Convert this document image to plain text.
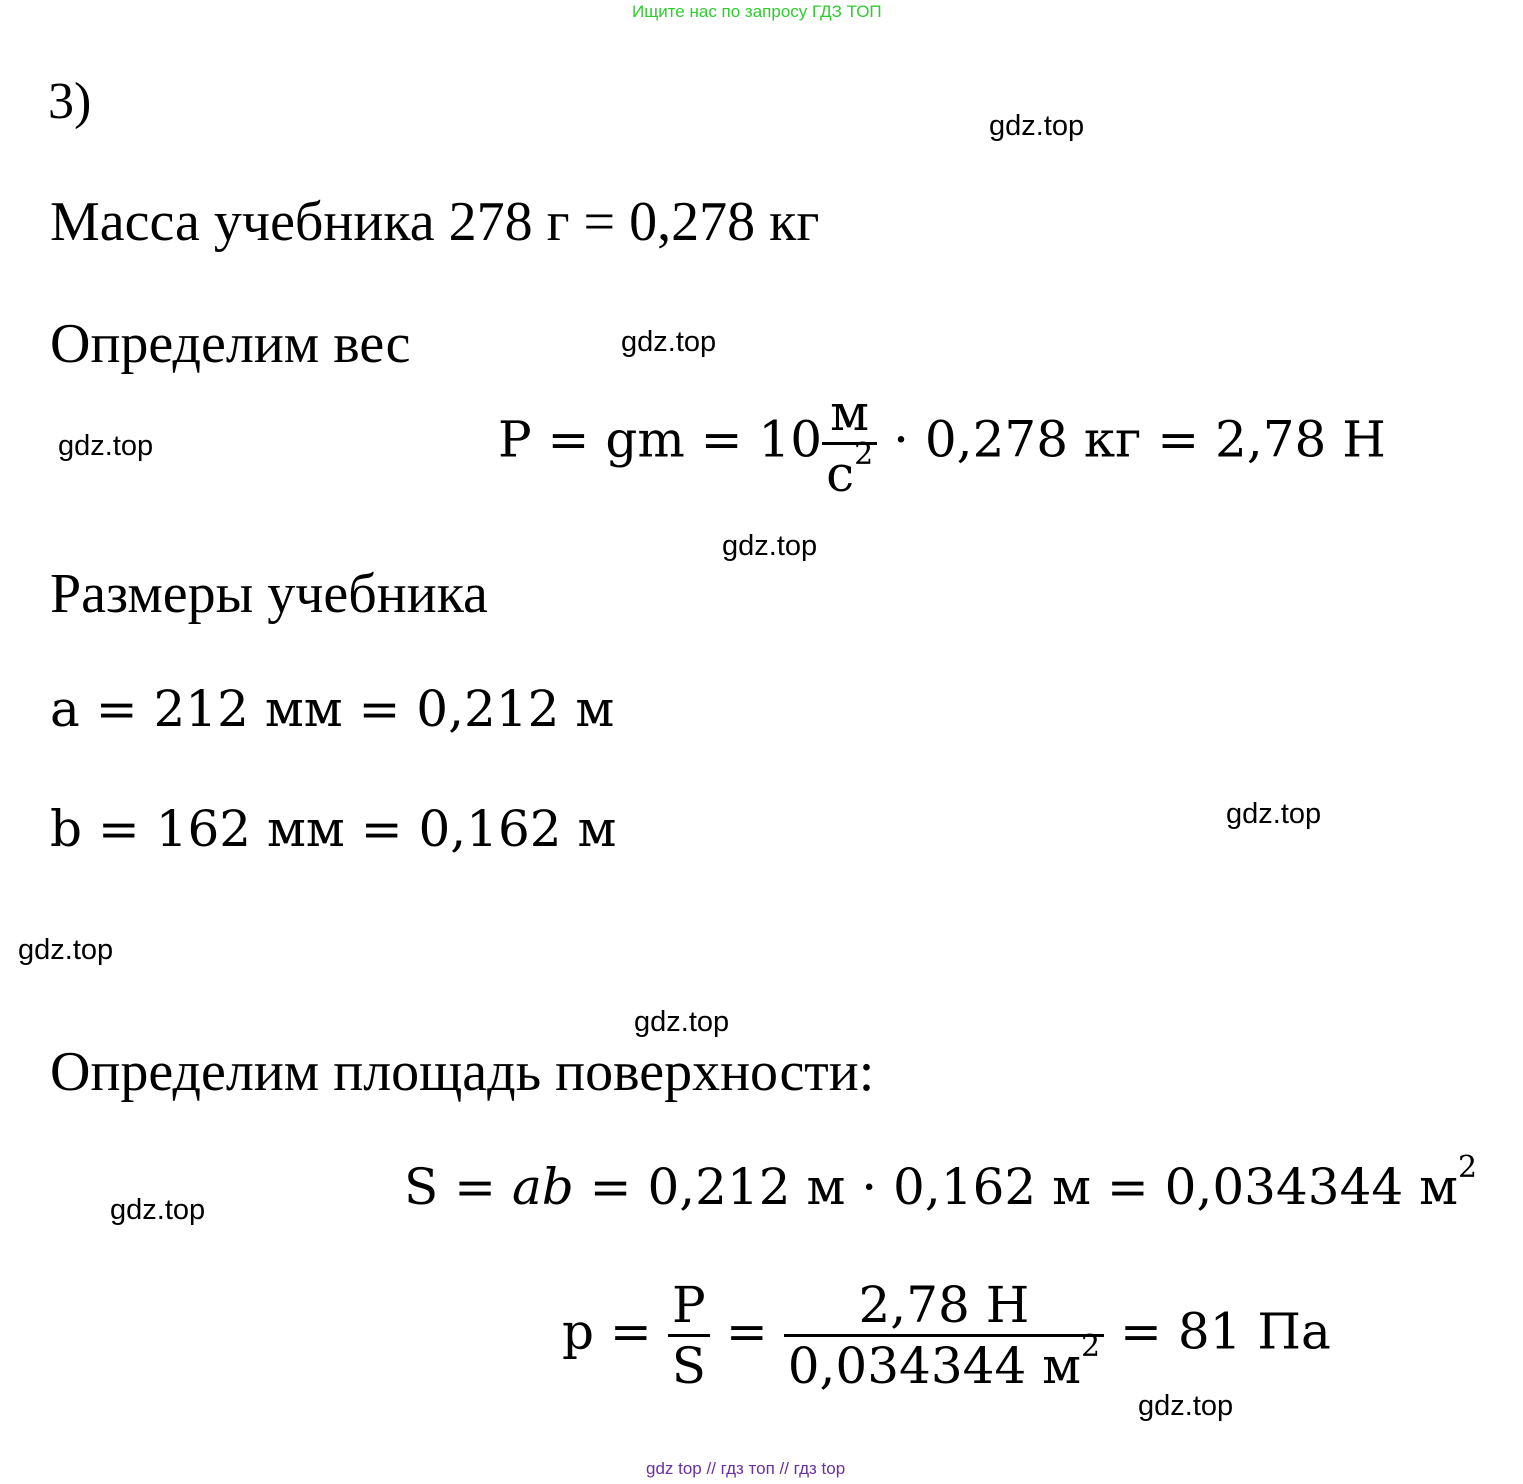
Ищите нас по запросу ГДЗ ТОП
3)
Масса учебника 278 г = 0,278 кг
Определим вес
P = gm = $10 \frac{м}{с^2} \cdot 0,278$ кг = 2,78 Н
Размеры учебника
a = 212 мм = 0,212 м
b = 162 мм = 0,162 м
Определим площадь поверхности:
S = ab = 0,212 м · 0,162 м = 0,034344 $м^2$
$p = \frac{P}{S} = \frac{2,78 Н}{0,034344 м^2} = 81$ Па
gdz.top
gdz.top
gdz.top
gdz.top
gdz.top
gdz.top
gdz.top
gdz.top
gdz.top
gdz top // гдз топ // гдз top
